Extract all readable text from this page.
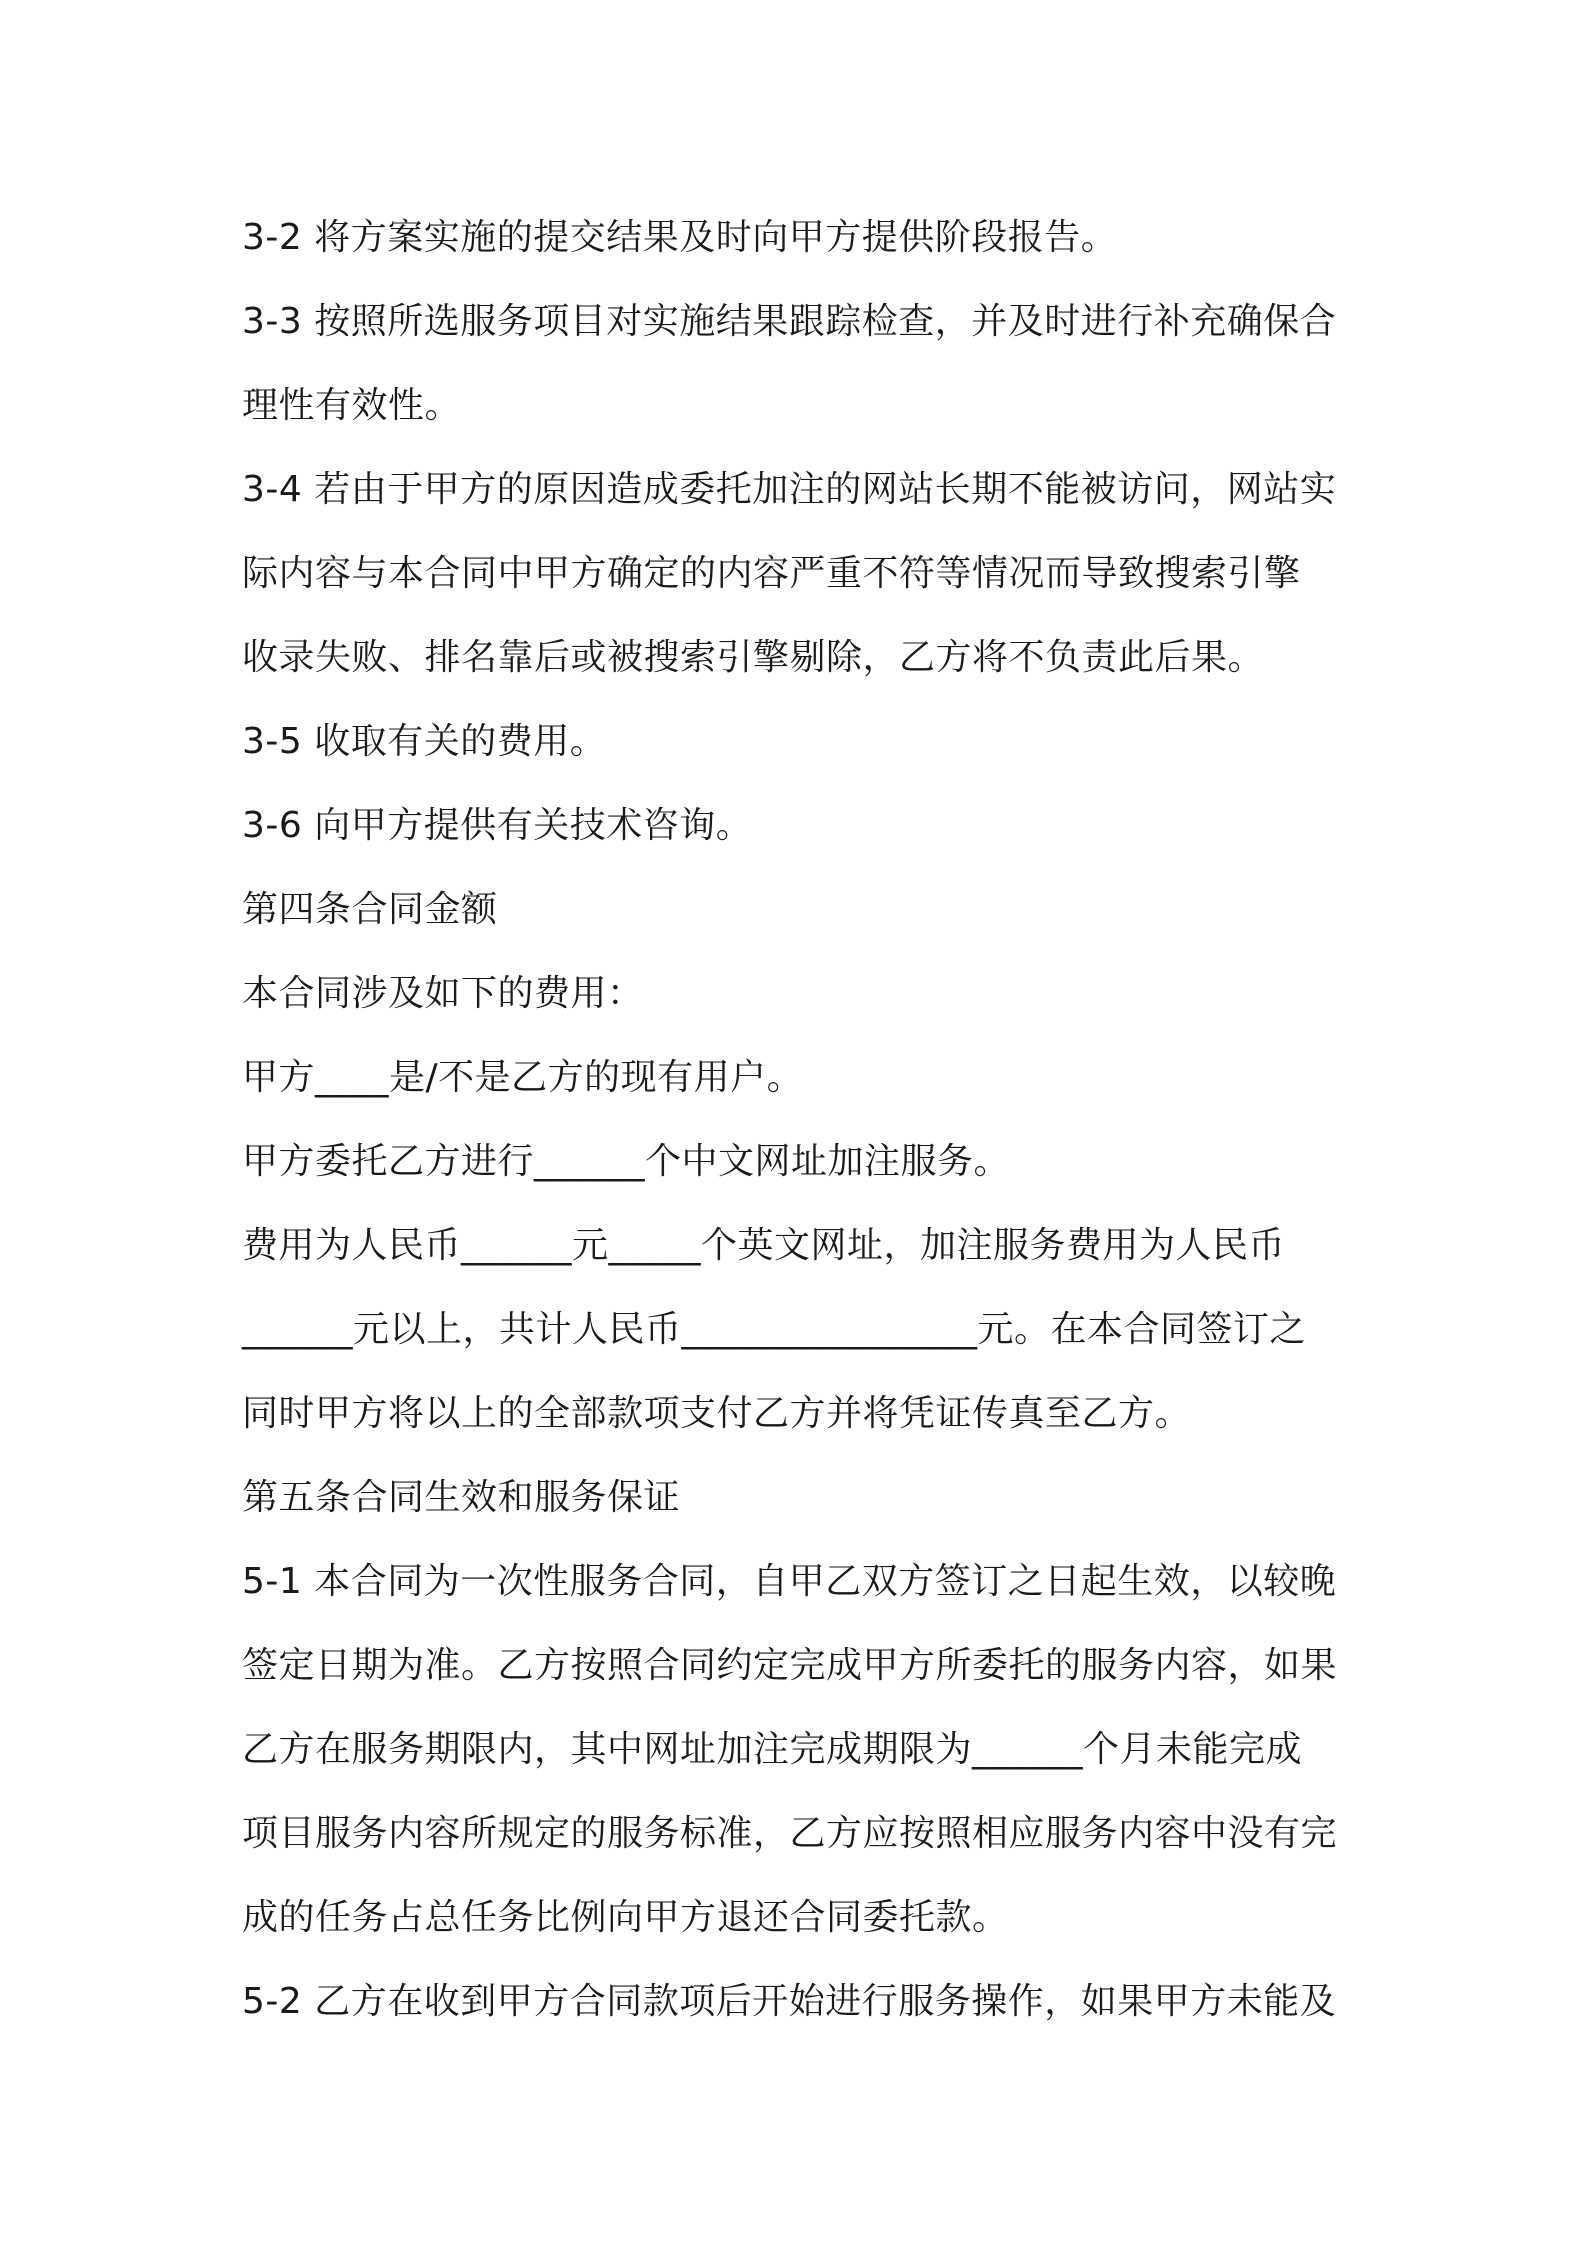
3-2 将方案实施的提交结果及时向甲方提供阶段报告。
3-3 按照所选服务项目对实施结果跟踪检查，并及时进行补充确保合
理性有效性。
3-4 若由于甲方的原因造成委托加注的网站长期不能被访问，网站实
际内容与本合同中甲方确定的内容严重不符等情况而导致搜索引擎
收录失败、排名靠后或被搜索引擎剔除，乙方将不负责此后果。
3-5 收取有关的费用。
3-6 向甲方提供有关技术咨询。
第四条合同金额
本合同涉及如下的费用：
甲方____是/不是乙方的现有用户。
甲方委托乙方进行______个中文网址加注服务。
费用为人民币______元_____个英文网址，加注服务费用为人民币
______元以上，共计人民币________________元。在本合同签订之
同时甲方将以上的全部款项支付乙方并将凭证传真至乙方。
第五条合同生效和服务保证
5-1 本合同为一次性服务合同，自甲乙双方签订之日起生效，以较晚
签定日期为准。乙方按照合同约定完成甲方所委托的服务内容，如果
乙方在服务期限内，其中网址加注完成期限为______个月未能完成
项目服务内容所规定的服务标准，乙方应按照相应服务内容中没有完
成的任务占总任务比例向甲方退还合同委托款。
5-2 乙方在收到甲方合同款项后开始进行服务操作，如果甲方未能及
